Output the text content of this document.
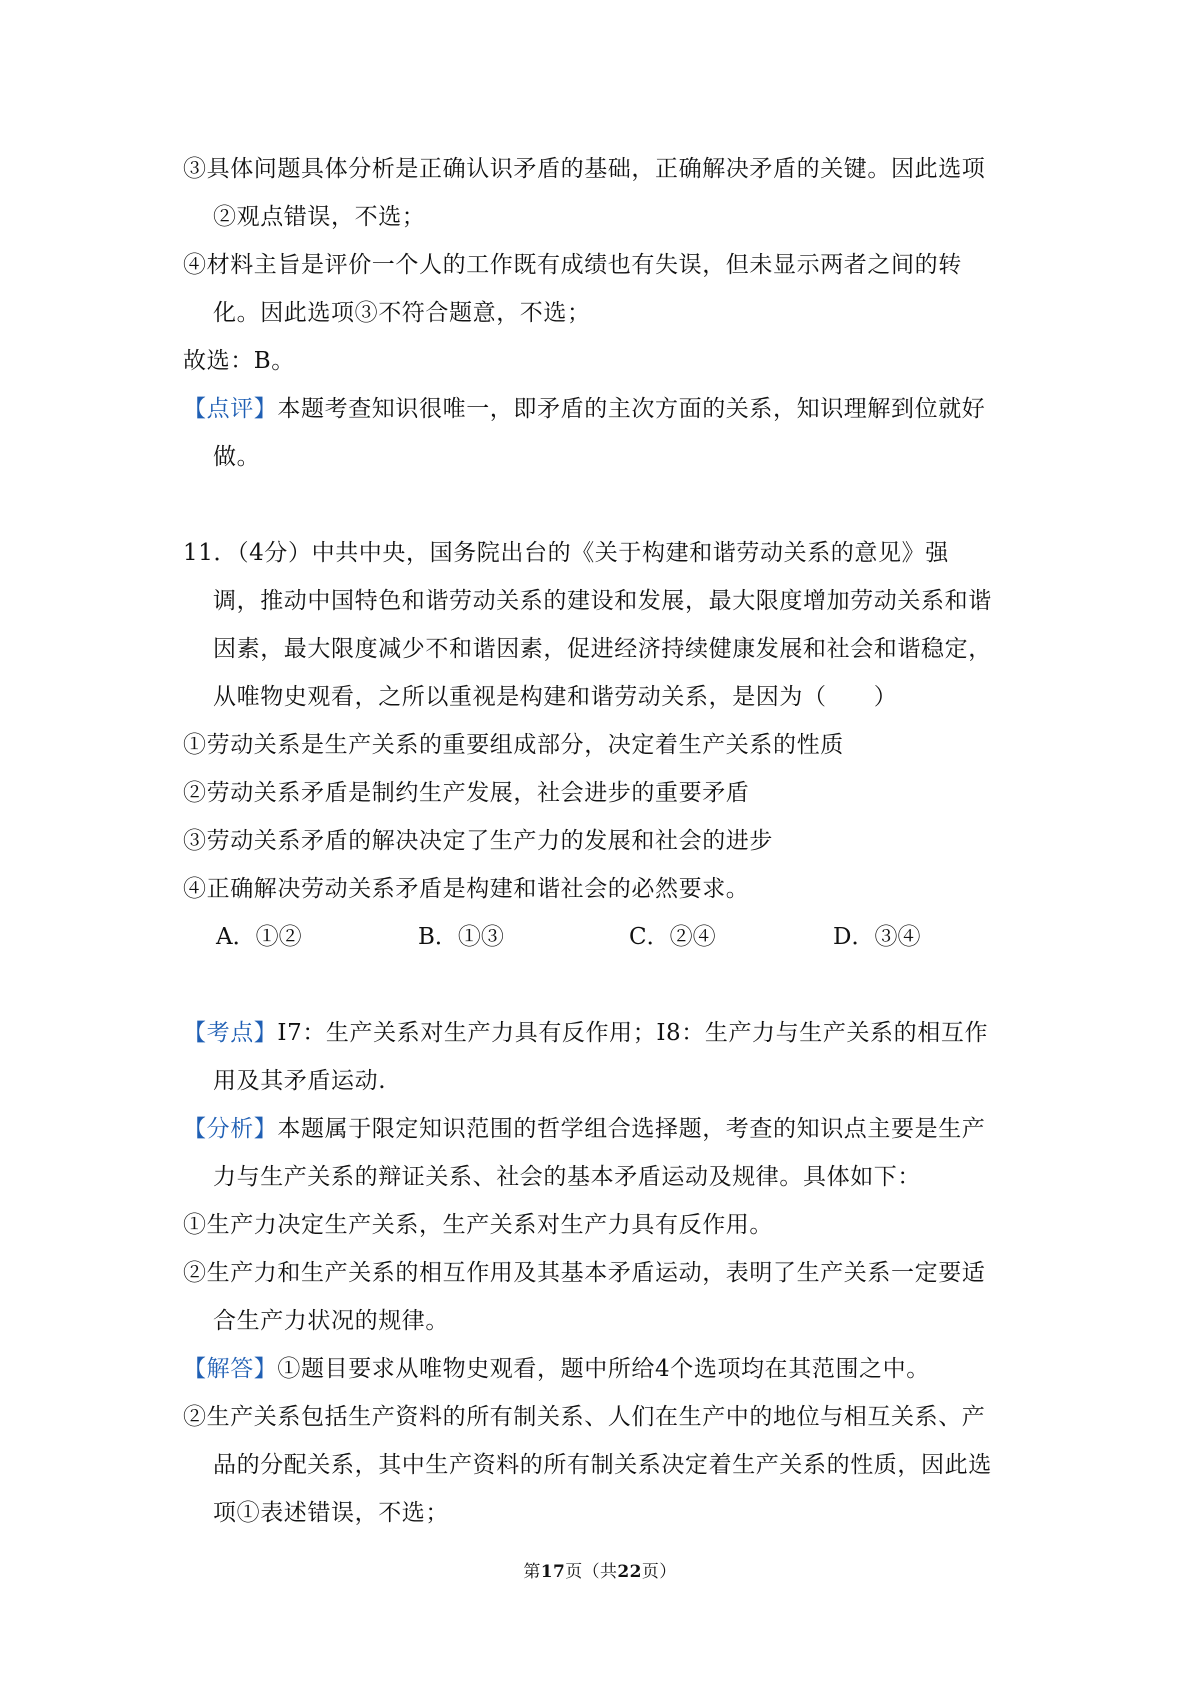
③具体问题具体分析是正确认识矛盾的基础，正确解决矛盾的关键。因此选项
②观点错误，不选；
④材料主旨是评价一个人的工作既有成绩也有失误，但未显示两者之间的转
化。因此选项③不符合题意，不选；
故选：B。
【点评】本题考查知识很唯一，即矛盾的主次方面的关系，知识理解到位就好
做。
11．（4分）中共中央，国务院出台的《关于构建和谐劳动关系的意见》强
调，推动中国特色和谐劳动关系的建设和发展，最大限度增加劳动关系和谐
因素，最大限度减少不和谐因素，促进经济持续健康发展和社会和谐稳定，
从唯物史观看，之所以重视是构建和谐劳动关系，是因为（　　）
①劳动关系是生产关系的重要组成部分，决定着生产关系的性质
②劳动关系矛盾是制约生产发展，社会进步的重要矛盾
③劳动关系矛盾的解决决定了生产力的发展和社会的进步
④正确解决劳动关系矛盾是构建和谐社会的必然要求。
A．①②	B．①③	C．②④	D．③④
【考点】I7：生产关系对生产力具有反作用；I8：生产力与生产关系的相互作
用及其矛盾运动.
【分析】本题属于限定知识范围的哲学组合选择题，考查的知识点主要是生产
力与生产关系的辩证关系、社会的基本矛盾运动及规律。具体如下：
①生产力决定生产关系，生产关系对生产力具有反作用。
②生产力和生产关系的相互作用及其基本矛盾运动，表明了生产关系一定要适
合生产力状况的规律。
【解答】①题目要求从唯物史观看，题中所给4个选项均在其范围之中。
②生产关系包括生产资料的所有制关系、人们在生产中的地位与相互关系、产
品的分配关系，其中生产资料的所有制关系决定着生产关系的性质，因此选
项①表述错误，不选；
第17页（共22页）
